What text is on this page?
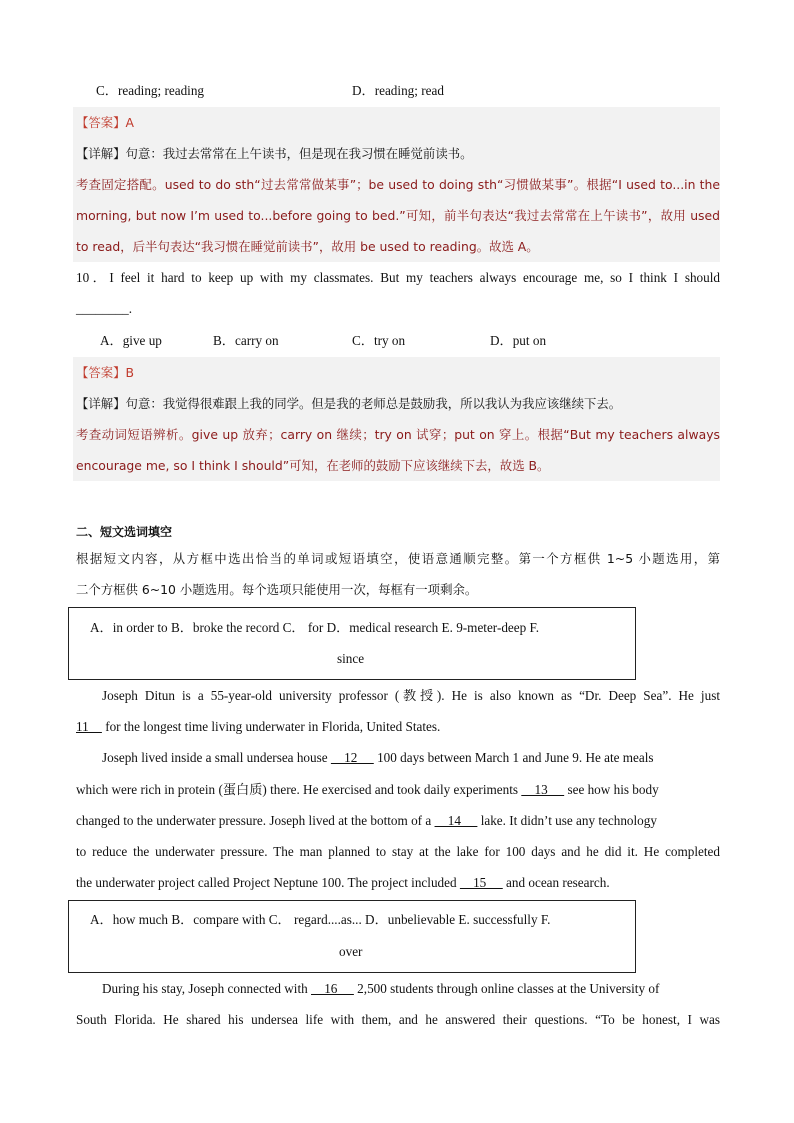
C．reading; reading	D．reading; read
【答案】A
【详解】句意：我过去常常在上午读书，但是现在我习惯在睡觉前读书。
考查固定搭配。used to do sth“过去常常做某事”；be used to doing sth“习惯做某事”。根据“I used to...in the
morning, but now I’m used to...before going to bed.”可知，前半句表达“我过去常常在上午读书”，故用 used
to read，后半句表达“我习惯在睡觉前读书”，故用 be used to reading。故选 A。
10．I feel it hard to keep up with my classmates. But my teachers always encourage me, so I think I should
________.
A．give up	B．carry on	C．try on	D．put on
【答案】B
【详解】句意：我觉得很难跟上我的同学。但是我的老师总是鼓励我，所以我认为我应该继续下去。
考查动词短语辨析。give up 放弃；carry on 继续；try on 试穿；put on 穿上。根据“But my teachers always
encourage me, so I think I should”可知，在老师的鼓励下应该继续下去，故选 B。
二、短文选词填空
根据短文内容，从方框中选出恰当的单词或短语填空，使语意通顺完整。第一个方框供 1~5 小题选用，第
二个方框供 6~10 小题选用。每个选项只能使用一次，每框有一项剩余。
A．in order to B．broke the record C． for D．medical research E. 9-meter-deep F.
since
Joseph Ditun is a 55-year-old university professor (教授). He is also known as “Dr. Deep Sea”. He just
11     for the longest time living underwater in Florida, United States.
Joseph lived inside a small undersea house     12      100 days between March 1 and June 9. He ate meals
which were rich in protein (蛋白质) there. He exercised and took daily experiments     13      see how his body
changed to the underwater pressure. Joseph lived at the bottom of a     14      lake. It didn’t use any technology
to reduce the underwater pressure. The man planned to stay at the lake for 100 days and he did it. He completed
the underwater project called Project Neptune 100. The project included     15      and ocean research.
A．how much B．compare with C． regard....as... D．unbelievable E. successfully F.
over
During his stay, Joseph connected with     16      2,500 students through online classes at the University of
South Florida. He shared his undersea life with them, and he answered their questions. “To be honest, I was
